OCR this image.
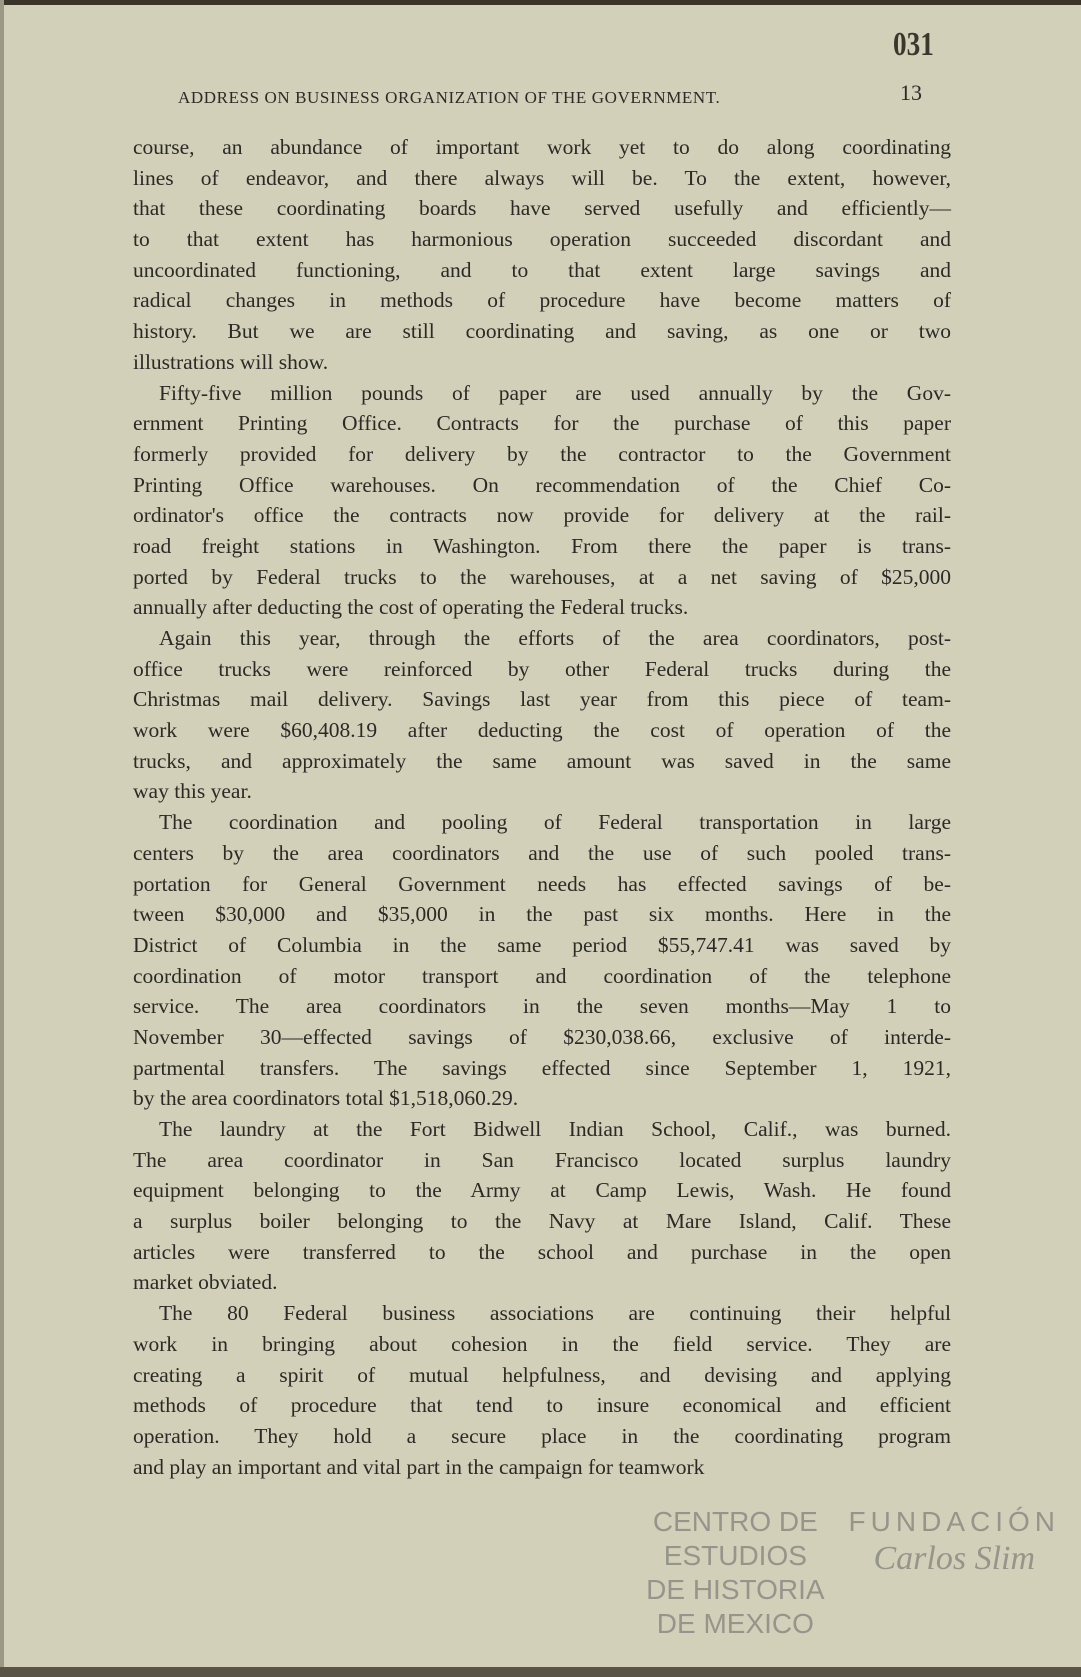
031
ADDRESS ON BUSINESS ORGANIZATION OF THE GOVERNMENT.	13
course, an abundance of important work yet to do along coordinating
lines of endeavor, and there always will be. To the extent, however,
that these coordinating boards have served usefully and efficiently—
to that extent has harmonious operation succeeded discordant and
uncoordinated functioning, and to that extent large savings and
radical changes in methods of procedure have become matters of
history. But we are still coordinating and saving, as one or two
illustrations will show.
Fifty-five million pounds of paper are used annually by the Gov-
ernment Printing Office. Contracts for the purchase of this paper
formerly provided for delivery by the contractor to the Government
Printing Office warehouses. On recommendation of the Chief Co-
ordinator's office the contracts now provide for delivery at the rail-
road freight stations in Washington. From there the paper is trans-
ported by Federal trucks to the warehouses, at a net saving of $25,000
annually after deducting the cost of operating the Federal trucks.
Again this year, through the efforts of the area coordinators, post-
office trucks were reinforced by other Federal trucks during the
Christmas mail delivery. Savings last year from this piece of team-
work were $60,408.19 after deducting the cost of operation of the
trucks, and approximately the same amount was saved in the same
way this year.
The coordination and pooling of Federal transportation in large
centers by the area coordinators and the use of such pooled trans-
portation for General Government needs has effected savings of be-
tween $30,000 and $35,000 in the past six months. Here in the
District of Columbia in the same period $55,747.41 was saved by
coordination of motor transport and coordination of the telephone
service. The area coordinators in the seven months—May 1 to
November 30—effected savings of $230,038.66, exclusive of interde-
partmental transfers. The savings effected since September 1, 1921,
by the area coordinators total $1,518,060.29.
The laundry at the Fort Bidwell Indian School, Calif., was burned.
The area coordinator in San Francisco located surplus laundry
equipment belonging to the Army at Camp Lewis, Wash. He found
a surplus boiler belonging to the Navy at Mare Island, Calif. These
articles were transferred to the school and purchase in the open
market obviated.
The 80 Federal business associations are continuing their helpful
work in bringing about cohesion in the field service. They are
creating a spirit of mutual helpfulness, and devising and applying
methods of procedure that tend to insure economical and efficient
operation. They hold a secure place in the coordinating program
and play an important and vital part in the campaign for teamwork
CENTRO DE
ESTUDIOS
DE HISTORIA
DE MEXICO
FUNDACIÓN
Carlos Slim
